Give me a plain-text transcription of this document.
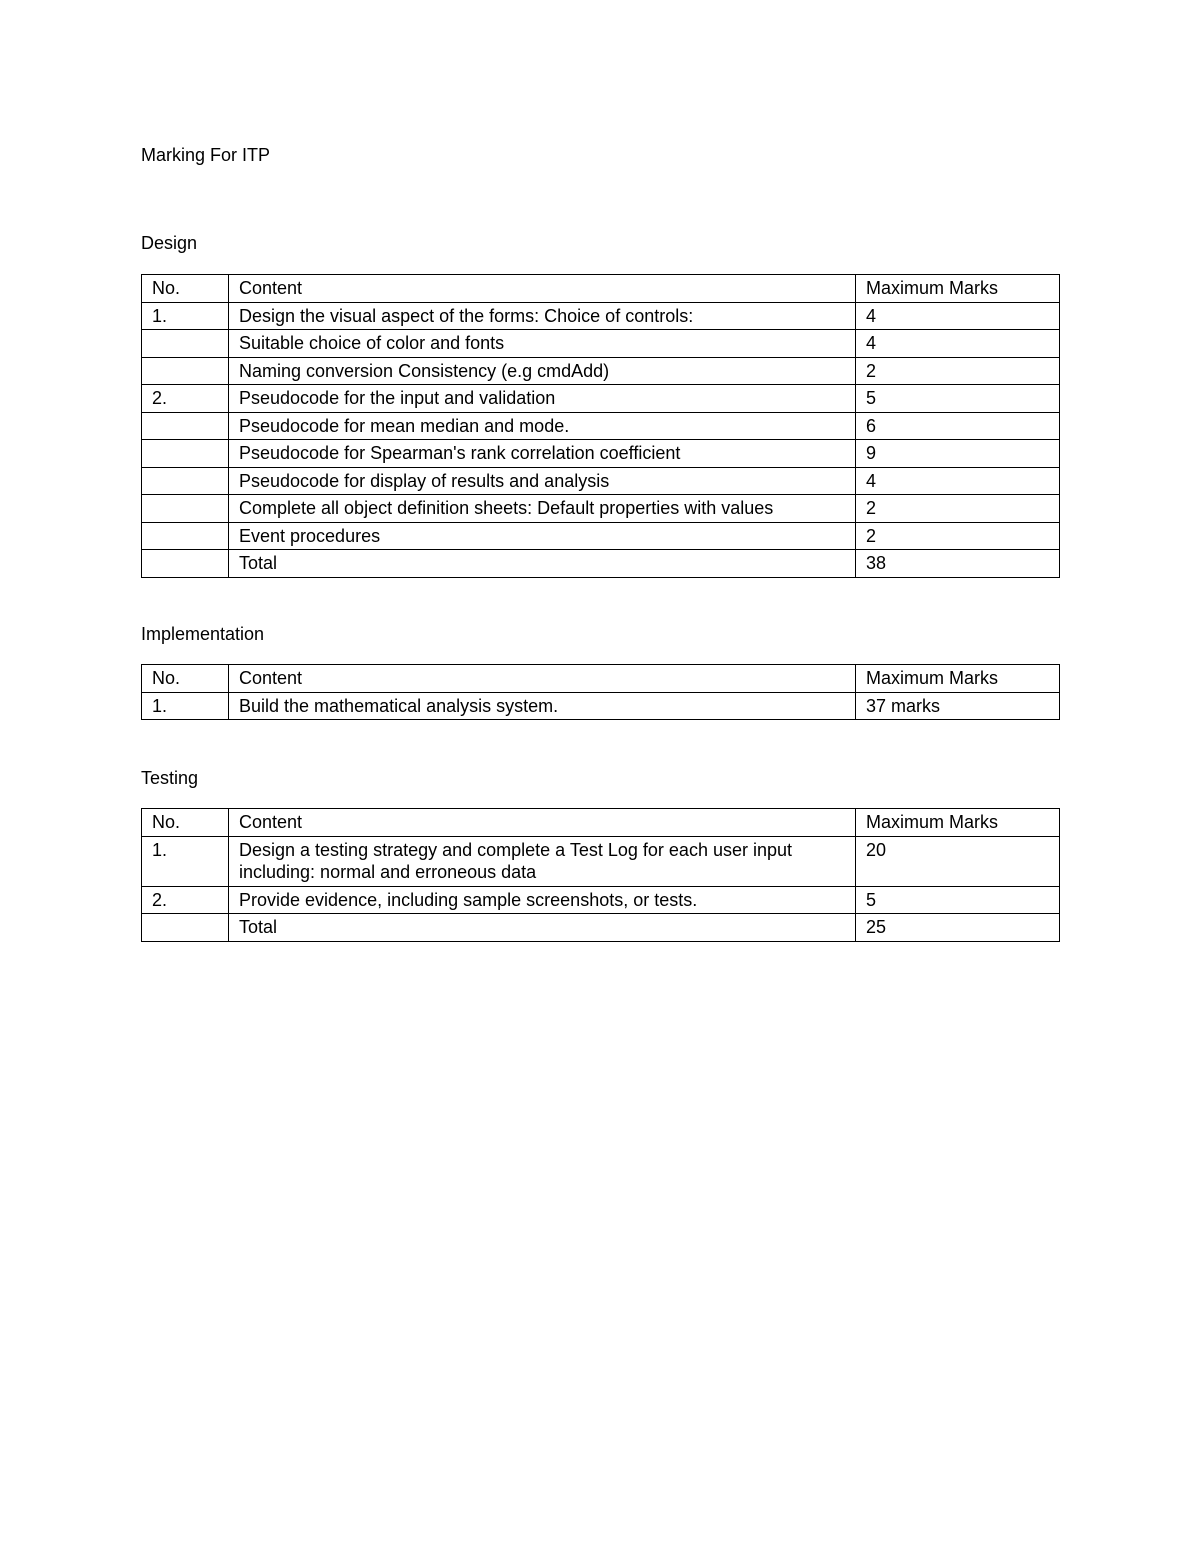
Marking For ITP
Design
No.	Content	Maximum Marks
1.	Design the visual aspect of the forms: Choice of controls:	4
	Suitable choice of color and fonts	4
	Naming conversion Consistency (e.g cmdAdd)	2
2.	Pseudocode for the input and validation	5
	Pseudocode for mean median and mode.	6
	Pseudocode for Spearman's rank correlation coefficient	9
	Pseudocode for display of results and analysis	4
	Complete all object definition sheets: Default properties with values	2
	Event procedures	2
	Total	38
Implementation
No.	Content	Maximum Marks
1.	Build the mathematical analysis system.	37 marks
Testing
No.	Content	Maximum Marks
1.	Design a testing strategy and complete a Test Log for each user input including: normal and erroneous data	20
2.	Provide evidence, including sample screenshots, or tests.	5
	Total	25
